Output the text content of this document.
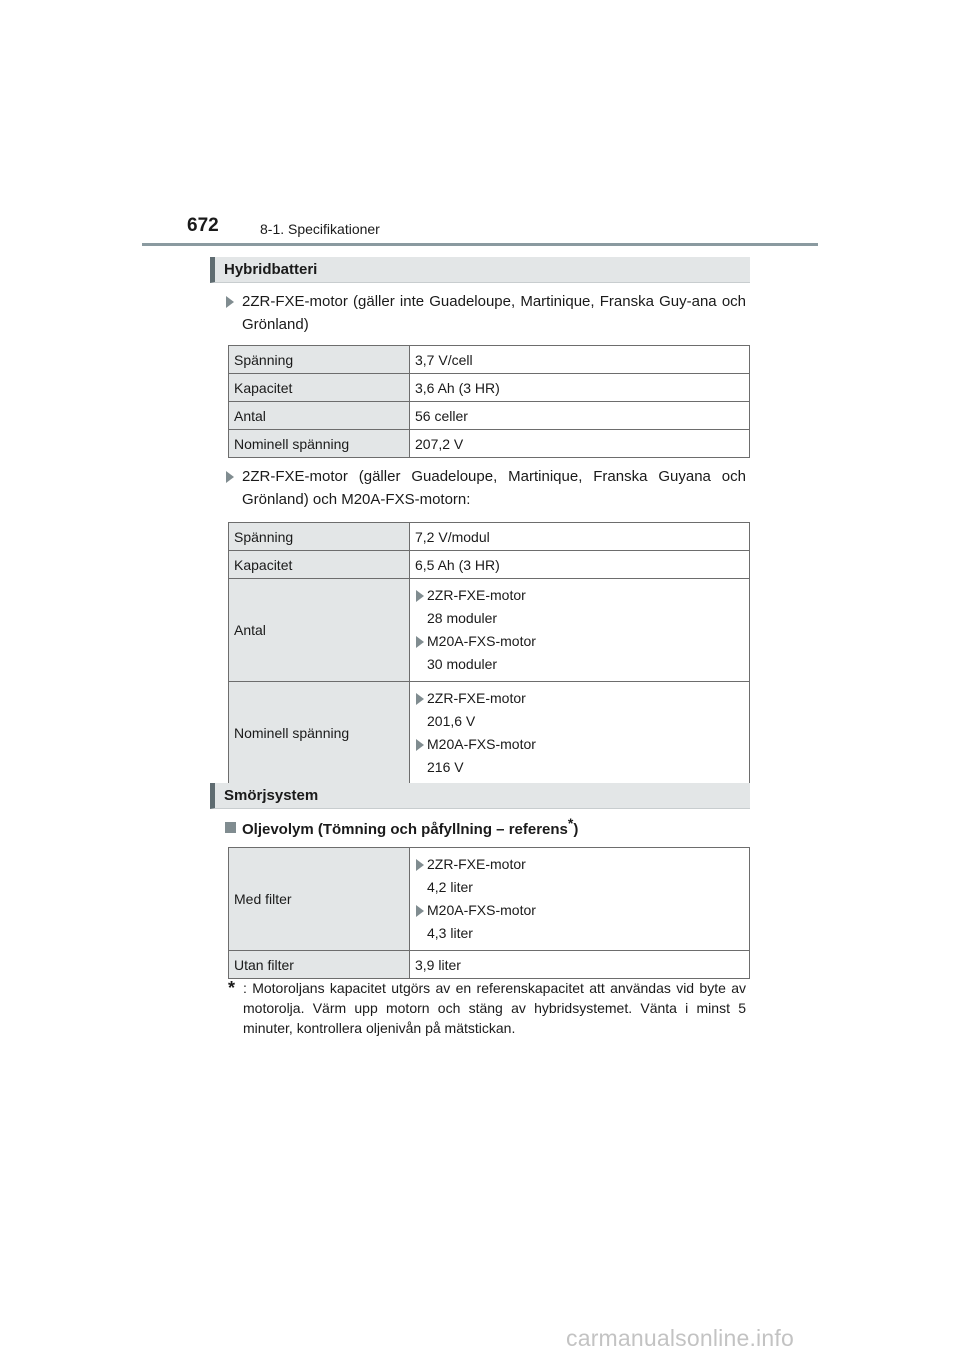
672	8-1. Specifikationer
Hybridbatteri
2ZR-FXE-motor (gäller inte Guadeloupe, Martinique, Franska Guy-ana och Grönland)
Spänning	3,7 V/cell
Kapacitet	3,6 Ah (3 HR)
Antal	56 celler
Nominell spänning	207,2 V
2ZR-FXE-motor (gäller Guadeloupe, Martinique, Franska Guyana och Grönland) och M20A-FXS-motorn:
Spänning	7,2 V/modul
Kapacitet	6,5 Ah (3 HR)
Antal	2ZR-FXE-motor
28 moduler
M20A-FXS-motor
30 moduler

Nominell spänning	2ZR-FXE-motor
201,6 V
M20A-FXS-motor
216 V
Smörjsystem
Oljevolym (Tömning och påfyllning – referens*)
Med filter	2ZR-FXE-motor
4,2 liter
M20A-FXS-motor
4,3 liter

Utan filter	3,9 liter
* : Motoroljans kapacitet utgörs av en referenskapacitet att användas vid byte av motorolja. Värm upp motorn och stäng av hybridsystemet. Vänta i minst 5 minuter, kontrollera oljenivån på mätstickan.
carmanualsonline.info
